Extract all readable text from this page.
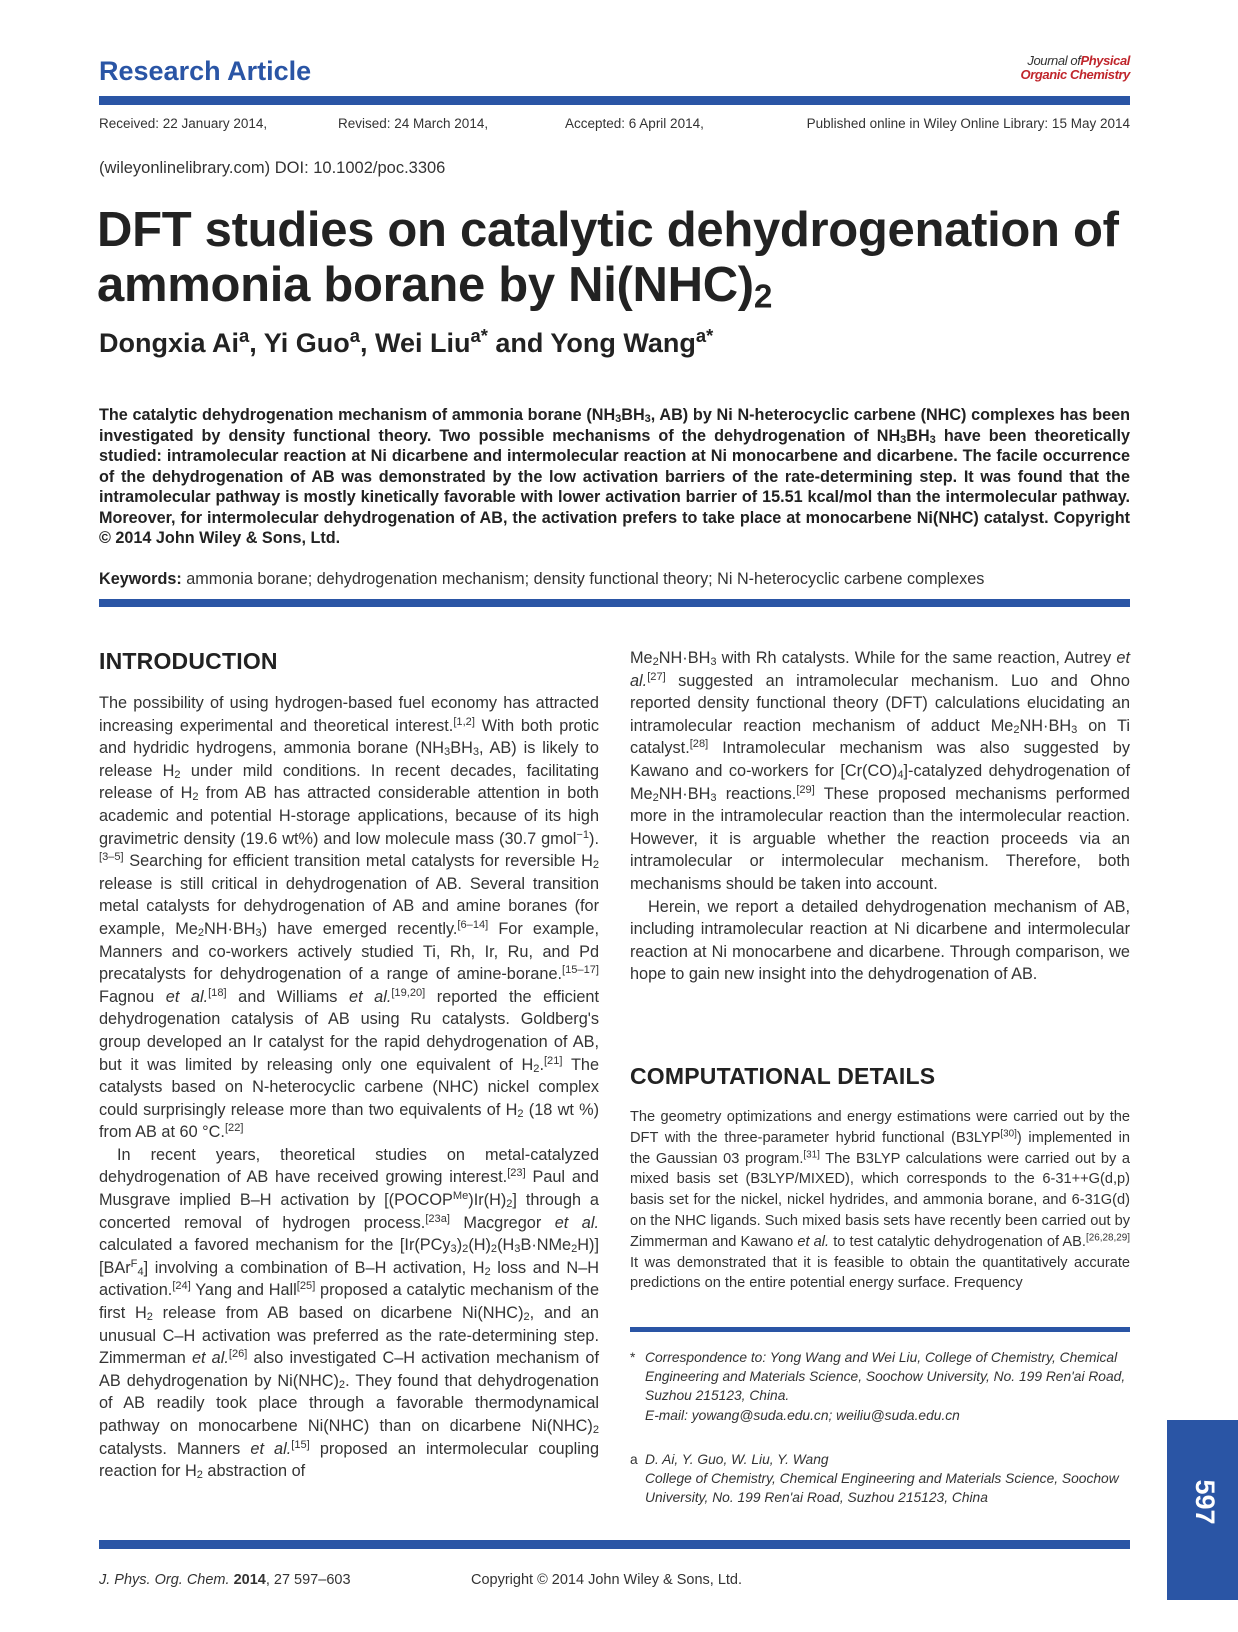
Research Article	Journal ofPhysical
Organic Chemistry
Received: 22 January 2014,	Revised: 24 March 2014,	Accepted: 6 April 2014,	Published online in Wiley Online Library: 15 May 2014
(wileyonlinelibrary.com) DOI: 10.1002/poc.3306
DFT studies on catalytic dehydrogenation of
ammonia borane by $Ni(NHC)_2$
Dongxia Ai$^a$, Yi Guo$^a$, Wei Liu$^{a*}$ and Yong Wang$^{a*}$
The catalytic dehydrogenation mechanism of ammonia borane ($NH_3BH_3$, AB) by Ni N-heterocyclic carbene (NHC) complexes has been investigated by density functional theory. Two possible mechanisms of the dehydrogenation of $NH_3BH_3$ have been theoretically studied: intramolecular reaction at Ni dicarbene and intermolecular reaction at Ni monocarbene and dicarbene. The facile occurrence of the dehydrogenation of AB was demonstrated by the low activation barriers of the rate-determining step. It was found that the intramolecular pathway is mostly kinetically favorable with lower activation barrier of 15.51 kcal/mol than the intermolecular pathway. Moreover, for intermolecular dehydrogenation of AB, the activation prefers to take place at monocarbene Ni(NHC) catalyst. Copyright © 2014 John Wiley & Sons, Ltd.
Keywords: ammonia borane; dehydrogenation mechanism; density functional theory; Ni N-heterocyclic carbene complexes
INTRODUCTION

The possibility of using hydrogen-based fuel economy has attracted increasing experimental and theoretical interest.[1,2] With both protic and hydridic hydrogens, ammonia borane ($NH_3BH_3$, AB) is likely to release $H_2$ under mild conditions. In recent decades, facilitating release of $H_2$ from AB has attracted considerable attention in both academic and potential H-storage applications, because of its high gravimetric density (19.6 wt%) and low molecule mass (30.7 gmol$^{-1}$).[3–5] Searching for efficient transition metal catalysts for reversible $H_2$ release is still critical in dehydrogenation of AB. Several transition metal catalysts for dehydrogenation of AB and amine boranes (for example, $Me_2NH\cdot BH_3$) have emerged recently.[6–14] For example, Manners and co-workers actively studied Ti, Rh, Ir, Ru, and Pd precatalysts for dehydrogenation of a range of amine-borane.[15–17] Fagnou et al.[18] and Williams et al.[19,20] reported the efficient dehydrogenation catalysis of AB using Ru catalysts. Goldberg's group developed an Ir catalyst for the rapid dehydrogenation of AB, but it was limited by releasing only one equivalent of $H_2.[21]$ The catalysts based on N-heterocyclic carbene (NHC) nickel complex could surprisingly release more than two equivalents of $H_2$ (18 wt %) from AB at 60 °C.[22]

In recent years, theoretical studies on metal-catalyzed dehydrogenation of AB have received growing interest.[23] Paul and Musgrave implied B–H activation by $[(POCOP^{Me})Ir(H)_2]$ through a concerted removal of hydrogen process.[23a] Macgregor et al. calculated a favored mechanism for the $[Ir(PCy_3)_2(H)_2(H_3B\cdot NMe_2H)][BAr^F_4]$ involving a combination of B–H activation, $H_2$ loss and N–H activation.[24] Yang and Hall[25] proposed a catalytic mechanism of the first $H_2$ release from AB based on dicarbene $Ni(NHC)_2$, and an unusual C–H activation was preferred as the rate-determining step. Zimmerman et al.[26] also investigated C–H activation mechanism of AB dehydrogenation by $Ni(NHC)_2$. They found that dehydrogenation of AB readily took place through a favorable thermodynamical pathway on monocarbene Ni(NHC) than on dicarbene $Ni(NHC)_2$ catalysts. Manners et al.[15] proposed an intermolecular coupling reaction for $H_2$ abstraction of

$Me_2NH\cdot BH_3$ with Rh catalysts. While for the same reaction, Autrey et al.[27] suggested an intramolecular mechanism. Luo and Ohno reported density functional theory (DFT) calculations elucidating an intramolecular reaction mechanism of adduct $Me_2NH\cdot BH_3$ on Ti catalyst.[28] Intramolecular mechanism was also suggested by Kawano and co-workers for $[Cr(CO)_4]$-catalyzed dehydrogenation of $Me_2NH\cdot BH_3$ reactions.[29] These proposed mechanisms performed more in the intramolecular reaction than the intermolecular reaction. However, it is arguable whether the reaction proceeds via an intramolecular or intermolecular mechanism. Therefore, both mechanisms should be taken into account.

Herein, we report a detailed dehydrogenation mechanism of AB, including intramolecular reaction at Ni dicarbene and intermolecular reaction at Ni monocarbene and dicarbene. Through comparison, we hope to gain new insight into the dehydrogenation of AB.

COMPUTATIONAL DETAILS
The geometry optimizations and energy estimations were carried out by the DFT with the three-parameter hybrid functional (B3LYP[30]) implemented in the Gaussian 03 program.[31] The B3LYP calculations were carried out by a mixed basis set (B3LYP/MIXED), which corresponds to the 6-31++G(d,p) basis set for the nickel, nickel hydrides, and ammonia borane, and 6-31G(d) on the NHC ligands. Such mixed basis sets have recently been carried out by Zimmerman and Kawano et al. to test catalytic dehydrogenation of AB.[26,28,29] It was demonstrated that it is feasible to obtain the quantitatively accurate predictions on the entire potential energy surface. Frequency
* Correspondence to: Yong Wang and Wei Liu, College of Chemistry, Chemical Engineering and Materials Science, Soochow University, No. 199 Ren'ai Road, Suzhou 215123, China.
E-mail: yowang@suda.edu.cn; weiliu@suda.edu.cn
a D. Ai, Y. Guo, W. Liu, Y. Wang
College of Chemistry, Chemical Engineering and Materials Science, Soochow University, No. 199 Ren'ai Road, Suzhou 215123, China	597
J. Phys. Org. Chem. 2014, 27 597–603	Copyright © 2014 John Wiley & Sons, Ltd.
